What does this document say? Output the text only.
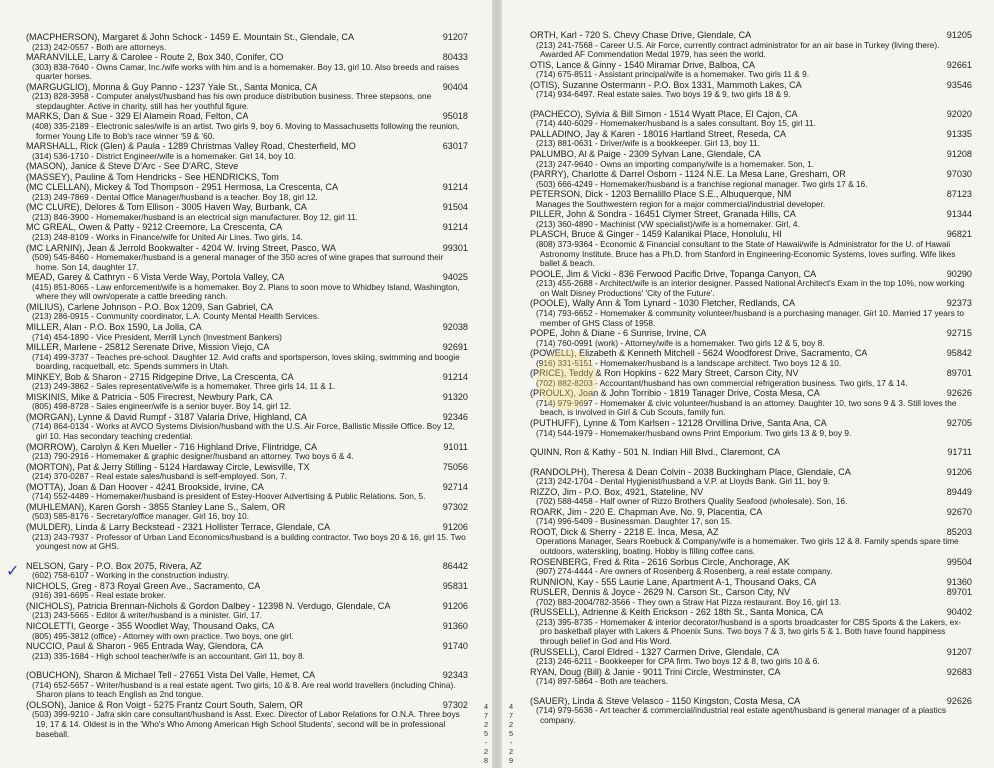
(MACPHERSON), Margaret & John Schock - 1459 E. Mountain St., Glendale, CA	91207
(213) 242-0557 - Both are attorneys.
MARANVILLE, Larry & Carolee - Route 2, Box 340, Conifer, CO	80433
(303) 838-7640 - Owns Camar, Inc./wife works with him and is a homemaker. Boy 13, girl 10. Also breeds and raises quarter horses.
(MARGUGLIO), Monna & Guy Panno - 1237 Yale St., Santa Monica, CA	90404
(213) 828-3958 - Computer analyst/husband has his own produce distribution business. Three stepsons, one stepdaughter. Active in charity, still has her youthful figure.
MARKS, Dan & Sue - 329 El Alamein Road, Felton, CA	95018
(408) 335-2189 - Electronic sales/wife is an artist. Two girls 9, boy 6. Moving to Massachusetts following the reunion, former Young Life to Bob's race winner '59 & '60.
MARSHALL, Rick (Glen) & Paula - 1289 Christmas Valley Road, Chesterfield, MO	63017
(314) 536-1710 - District Engineer/wife is a homemaker. Girl 14, boy 10.
(MASON), Janice & Steve D'Arc - See D'ARC, Steve
(MASSEY), Pauline & Tom Hendricks - See HENDRICKS, Tom
(MC CLELLAN), Mickey & Tod Thompson - 2951 Hermosa, La Crescenta, CA	91214
(213) 249-7869 - Dental Office Manager/husband is a teacher. Boy 18, girl 12.
(MC CLURE), Delores & Tom Ellison - 3005 Haven Way, Burbank, CA	91504
(213) 846-3900 - Homemaker/husband is an electrical sign manufacturer. Boy 12, girl 11.
MC GREAL, Owen & Patty - 9212 Creemore, La Crescenta, CA	91214
(213) 248-8109 - Works in Finance/wife for United Air Lines. Two girls, 14.
(MC LARNIN), Jean & Jerrold Bookwalter - 4204 W. Irving Street, Pasco, WA	99301
(509) 545-8460 - Homemaker/husband is a general manager of the 350 acres of wine grapes that surround their home. Son 14, daughter 17.
MEAD, Garey & Cathryn - 6 Vista Verde Way, Portola Valley, CA	94025
(415) 851-8065 - Law enforcement/wife is a homemaker. Boy 2. Plans to soon move to Whidbey Island, Washington, where they will own/operate a cattle breeding ranch.
(MILIUS), Carlene Johnson - P.O. Box 1209, San Gabriel, CA
(213) 286-0915 - Community coordinator, L.A. County Mental Health Services.
MILLER, Alan - P.O. Box 1590, La Jolla, CA	92038
(714) 454-1890 - Vice President, Merrill Lynch (Investment Bankers)
MILLER, Marlene - 25812 Serenate Drive, Mission Viejo, CA	92691
(714) 499-3737 - Teaches pre-school. Daughter 12. Avid crafts and sportsperson, loves skiing, swimming and boogie boarding, racquetball, etc. Spends summers in Utah.
MINKEY, Bob & Sharon - 2715 Ridgepine Drive, La Crescenta, CA	91214
(213) 249-3862 - Sales representative/wife is a homemaker. Three girls 14, 11 & 1.
MISKINIS, Mike & Patricia - 505 Firecrest, Newbury Park, CA	91320
(805) 498-8728 - Sales engineer/wife is a senior buyer. Boy 14, girl 12.
(MORGAN), Lynne & David Rumpf - 3187 Valaria Drive, Highland, CA	92346
(714) 864-0134 - Works at AVCO Systems Division/husband with the U.S. Air Force, Ballistic Missile Office. Boy 12, girl 10. Has secondary teaching credential.
(MORROW), Carolyn & Ken Mueller - 716 Highland Drive, Flintridge, CA	91011
(213) 790-2916 - Homemaker & graphic designer/husband an attorney. Two boys 6 & 4.
(MORTON), Pat & Jerry Stilling - 5124 Hardaway Circle, Lewisville, TX	75056
(214) 370-0287 - Real estate sales/husband is self-employed. Son, 7.
(MOTTA), Joan & Dan Hoover - 4241 Brookside, Irvine, CA	92714
(714) 552-4489 - Homemaker/husband is president of Estey-Hoover Advertising & Public Relations. Son, 5.
(MUHLEMAN), Karen Gorsh - 3855 Stanley Lane S., Salem, OR	97302
(503) 585-8176 - Secretary/office manager. Girl 16, boy 10.
(MULDER), Linda & Larry Beckstead - 2321 Hollister Terrace, Glendale, CA	91206
(213) 243-7937 - Professor of Urban Land Economics/husband is a building contractor. Two boys 20 & 16, girl 15. Two youngest now at GHS.
NELSON, Gary - P.O. Box 2075, Rivera, AZ	86442
(602) 758-6107 - Working in the construction industry.
NICHOLS, Greg - 873 Royal Green Ave., Sacramento, CA	95831
(916) 391-6695 - Real estate broker.
(NICHOLS), Patricia Brennan-Nichols & Gordon Dalbey - 12398 N. Verdugo, Glendale, CA	91206
(213) 243-5665 - Editor & writer/husband is a minister. Girl, 17.
NICOLETTI, George - 355 Woodlet Way, Thousand Oaks, CA	91360
(805) 495-3812 (office) - Attorney with own practice. Two boys, one girl.
NUCCIO, Paul & Sharon - 965 Entrada Way, Glendora, CA	91740
(213) 335-1684 - High school teacher/wife is an accountant. Girl 11, boy 8.
(OBUCHON), Sharon & Michael Tell - 27651 Vista Del Valle, Hemet, CA	92343
(714) 652-5657 - Writer/husband is a real estate agent. Two girls, 10 & 8. Are real world travellers (including China). Sharon plans to teach English as 2nd tongue.
(OLSON), Janice & Ron Voigt - 5275 Frantz Court South, Salem, OR	97302
(503) 399-9210 - Jafra skin care consultant/husband is Asst. Exec. Director of Labor Relations for O.N.A. Three boys 19, 17 & 14. Oldest is in the 'Who's Who Among American High School Students', second will be in professional baseball.
ORTH, Karl - 720 S. Chevy Chase Drive, Glendale, CA	91205
(213) 241-7568 - Career U.S. Air Force, currently contract administrator for an air base in Turkey (living there). Awarded AF Commendation Medal 1979, has seen the world.
OTIS, Lance & Ginny - 1540 Miramar Drive, Balboa, CA	92661
(714) 675-8511 - Assistant principal/wife is a homemaker. Two girls 11 & 9.
(OTIS), Suzanne Ostermann - P.O. Box 1331, Mammoth Lakes, CA	93546
(714) 934-6497. Real estate sales. Two boys 19 & 9, two girls 18 & 9.
(PACHECO), Sylvia & Bill Simon - 1514 Wyatt Place, El Cajon, CA	92020
(714) 440-6029 - Homemaker/husband is a sales consultant. Boy 15, girl 11.
PALLADINO, Jay & Karen - 18016 Hartland Street, Reseda, CA	91335
(213) 881-0631 - Driver/wife is a bookkeeper. Girl 13, boy 11.
PALUMBO, Al & Paige - 2309 Sylvan Lane, Glendale, CA	91208
(213) 247-9640 - Owns an importing company/wife is a homemaker. Son, 1.
(PARRY), Charlotte & Darrel Osborn - 1124 N.E. La Mesa Lane, Gresham, OR	97030
(503) 666-4249 - Homemaker/husband is a franchise regional manager. Two girls 17 & 16.
PETERSON, Dick - 1203 Bernalillo Place S.E., Albuquerque, NM	87123
Manages the Southwestern region for a major commercial/industrial developer.
PILLER, John & Sondra - 16451 Clymer Street, Granada Hills, CA	91344
(213) 360-4890 - Machinist (VW specialist)/wife is a homemaker. Girl, 4.
PLASCH, Bruce & Ginger - 1459 Kalanikai Place, Honolulu, HI	96821
(808) 373-9364 - Economic & Financial consultant to the State of Hawaii/wife is Administrator for the U. of Hawaii Astronomy Institute. Bruce has a Ph.D. from Stanford in Engineering-Economic Systems, loves surfing. Wife likes ballet & beach.
POOLE, Jim & Vicki - 836 Ferwood Pacific Drive, Topanga Canyon, CA	90290
(213) 455-2688 - Architect/wife is an interior designer. Passed National Architect's Exam in the top 10%, now working on Walt Disney Productions' 'City of the Future'.
(POOLE), Wally Ann & Tom Lynard - 1030 Fletcher, Redlands, CA	92373
(714) 793-6652 - Homemaker & community volunteer/husband is a purchasing manager. Girl 10. Married 17 years to member of GHS Class of 1958.
POPE, John & Diane - 6 Sunrise, Irvine, CA	92715
(714) 760-0991 (work) - Attorney/wife is a homemaker. Two girls 12 & 5, boy 8.
(POWELL), Elizabeth & Kenneth Mitchell - 5624 Woodforest Drive, Sacramento, CA	95842
(916) 331-5151 - Homemaker/husband is a landscape architect. Two boys 12 & 10.
(PRICE), Teddy & Ron Hopkins - 622 Mary Street, Carson City, NV	89701
(702) 882-8203 - Accountant/husband has own commercial refrigeration business. Two girls, 17 & 14.
(PROULX), Joan & John Torribio - 1819 Tanager Drive, Costa Mesa, CA	92626
(714) 979-9697 - Homemaker & civic volunteer/husband is an attorney. Daughter 10, two sons 9 & 3. Still loves the beach, is involved in Girl & Cub Scouts, family fun.
(PUTHUFF), Lynne & Tom Karlsen - 12128 Orvillina Drive, Santa Ana, CA	92705
(714) 544-1979 - Homemaker/husband owns Print Emporium. Two girls 13 & 9, boy 9.
QUINN, Ron & Kathy - 501 N. Indian Hill Blvd., Claremont, CA	91711
(RANDOLPH), Theresa & Dean Colvin - 2038 Buckingham Place, Glendale, CA	91206
(213) 242-1704 - Dental Hygienist/husband a V.P. at Lloyds Bank. Girl 11, boy 9.
RIZZO, Jim - P.O. Box, 4921, Stateline, NV	89449
(702) 588-4458 - Half owner of Rizzo Brothers Quality Seafood (wholesale). Son, 16.
ROARK, Jim - 220 E. Chapman Ave. No. 9, Placentia, CA	92670
(714) 996-5409 - Businessman. Daughter 17, son 15.
ROOT, Dick & Sherry - 2218 E. Inca, Mesa, AZ	85203
Operations Manager, Sears Roebuck & Company/wife is a homemaker. Two girls 12 & 8. Family spends spare time outdoors, waterskiing, boating. Hobby is filling coffee cans.
ROSENBERG, Fred & Rita - 2616 Sorbus Circle, Anchorage, AK	99504
(907) 274-4444 - Are owners of Rosenberg & Rosenberg, a real estate company.
RUNNION, Kay - 555 Laurie Lane, Apartment A-1, Thousand Oaks, CA	91360
RUSLER, Dennis & Joyce - 2629 N. Carson St., Carson City, NV	89701
(702) 883-2004/782-3566 - They own a Straw Hat Pizza restaurant. Boy 16, girl 13.
(RUSSELL), Adrienne & Keith Erickson - 262 18th St., Santa Monica, CA	90402
(213) 395-8735 - Homemaker & interior decorator/husband is a sports broadcaster for CBS Sports & the Lakers, ex-pro basketball player with Lakers & Phoenix Suns. Two boys 7 & 3, two girls 5 & 1. Both have found happiness through belief in God and His Word.
(RUSSELL), Carol Eldred - 1327 Carmen Drive, Glendale, CA	91207
(213) 246-6211 - Bookkeeper for CPA firm. Two boys 12 & 8, two girls 10 & 6.
RYAN, Doug (Bill) & Janie - 9011 Trini Circle, Westminster, CA	92683
(714) 897-5864 - Both are teachers.
(SAUER), Linda & Steve Velasco - 1150 Kingston, Costa Mesa, CA	92626
(714) 979-5636 - Art teacher & commercial/industrial real estate agent/husband is general manager of a plastics company.
✓
4
7
2
5
-
2
8
4
7
2
5
-
2
9
